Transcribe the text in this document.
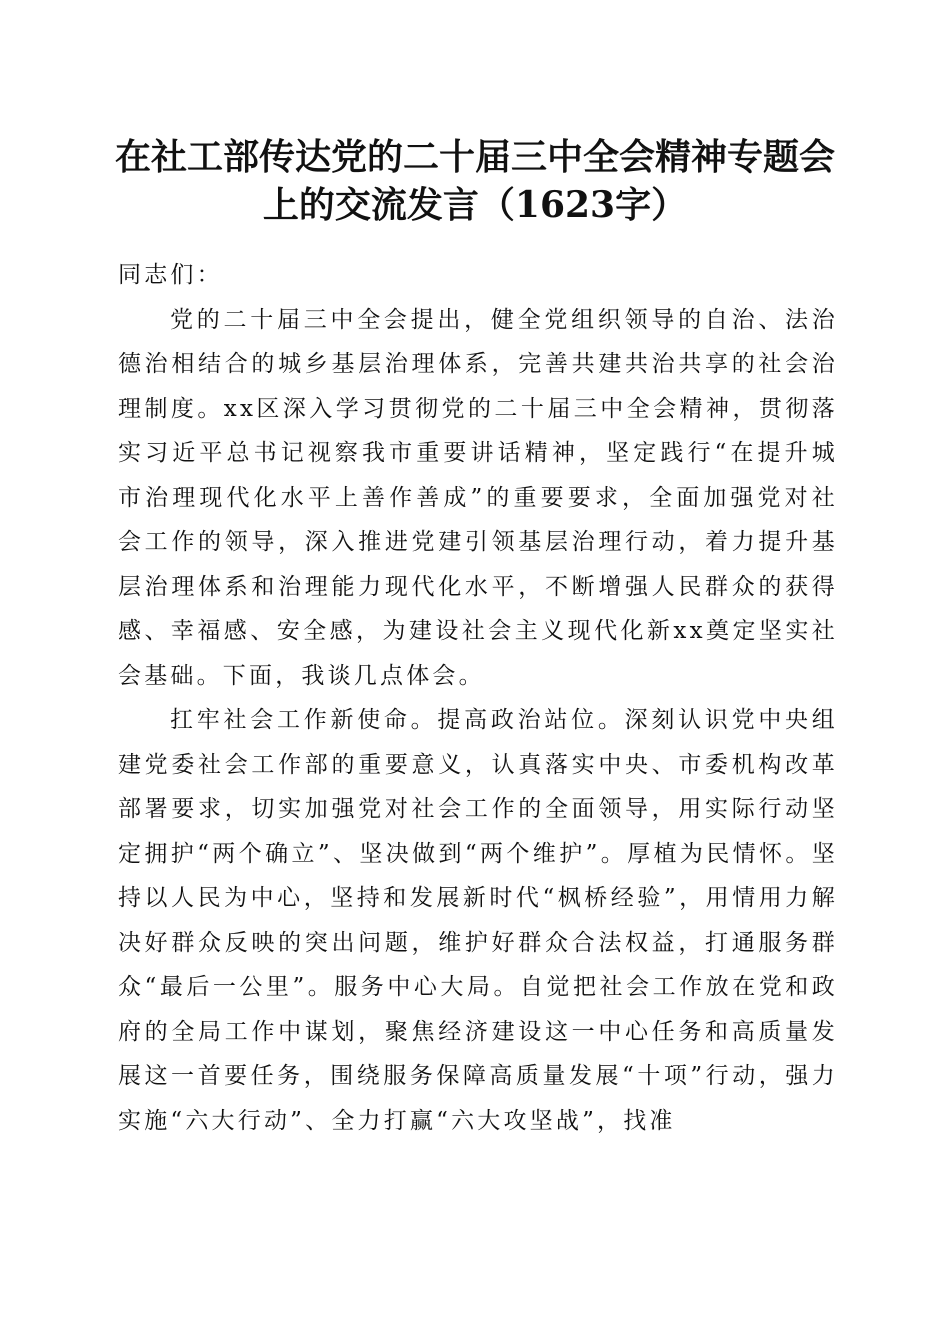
在社工部传达党的二十届三中全会精神专题会
上的交流发言（1623字）

同志们：

党的二十届三中全会提出，健全党组织领导的自治、法治德治相结合的城乡基层治理体系，完善共建共治共享的社会治理制度。xx区深入学习贯彻党的二十届三中全会精神，贯彻落实习近平总书记视察我市重要讲话精神，坚定践行“在提升城市治理现代化水平上善作善成”的重要要求，全面加强党对社会工作的领导，深入推进党建引领基层治理行动，着力提升基层治理体系和治理能力现代化水平，不断增强人民群众的获得感、幸福感、安全感，为建设社会主义现代化新xx奠定坚实社会基础。下面，我谈几点体会。

扛牢社会工作新使命。提高政治站位。深刻认识党中央组建党委社会工作部的重要意义，认真落实中央、市委机构改革部署要求，切实加强党对社会工作的全面领导，用实际行动坚定拥护“两个确立”、坚决做到“两个维护”。厚植为民情怀。坚持以人民为中心，坚持和发展新时代“枫桥经验”，用情用力解决好群众反映的突出问题，维护好群众合法权益，打通服务群众“最后一公里”。服务中心大局。自觉把社会工作放在党和政府的全局工作中谋划，聚焦经济建设这一中心任务和高质量发展这一首要任务，围绕服务保障高质量发展“十项”行动，强力实施“六大行动”、全力打赢“六大攻坚战”，找准
